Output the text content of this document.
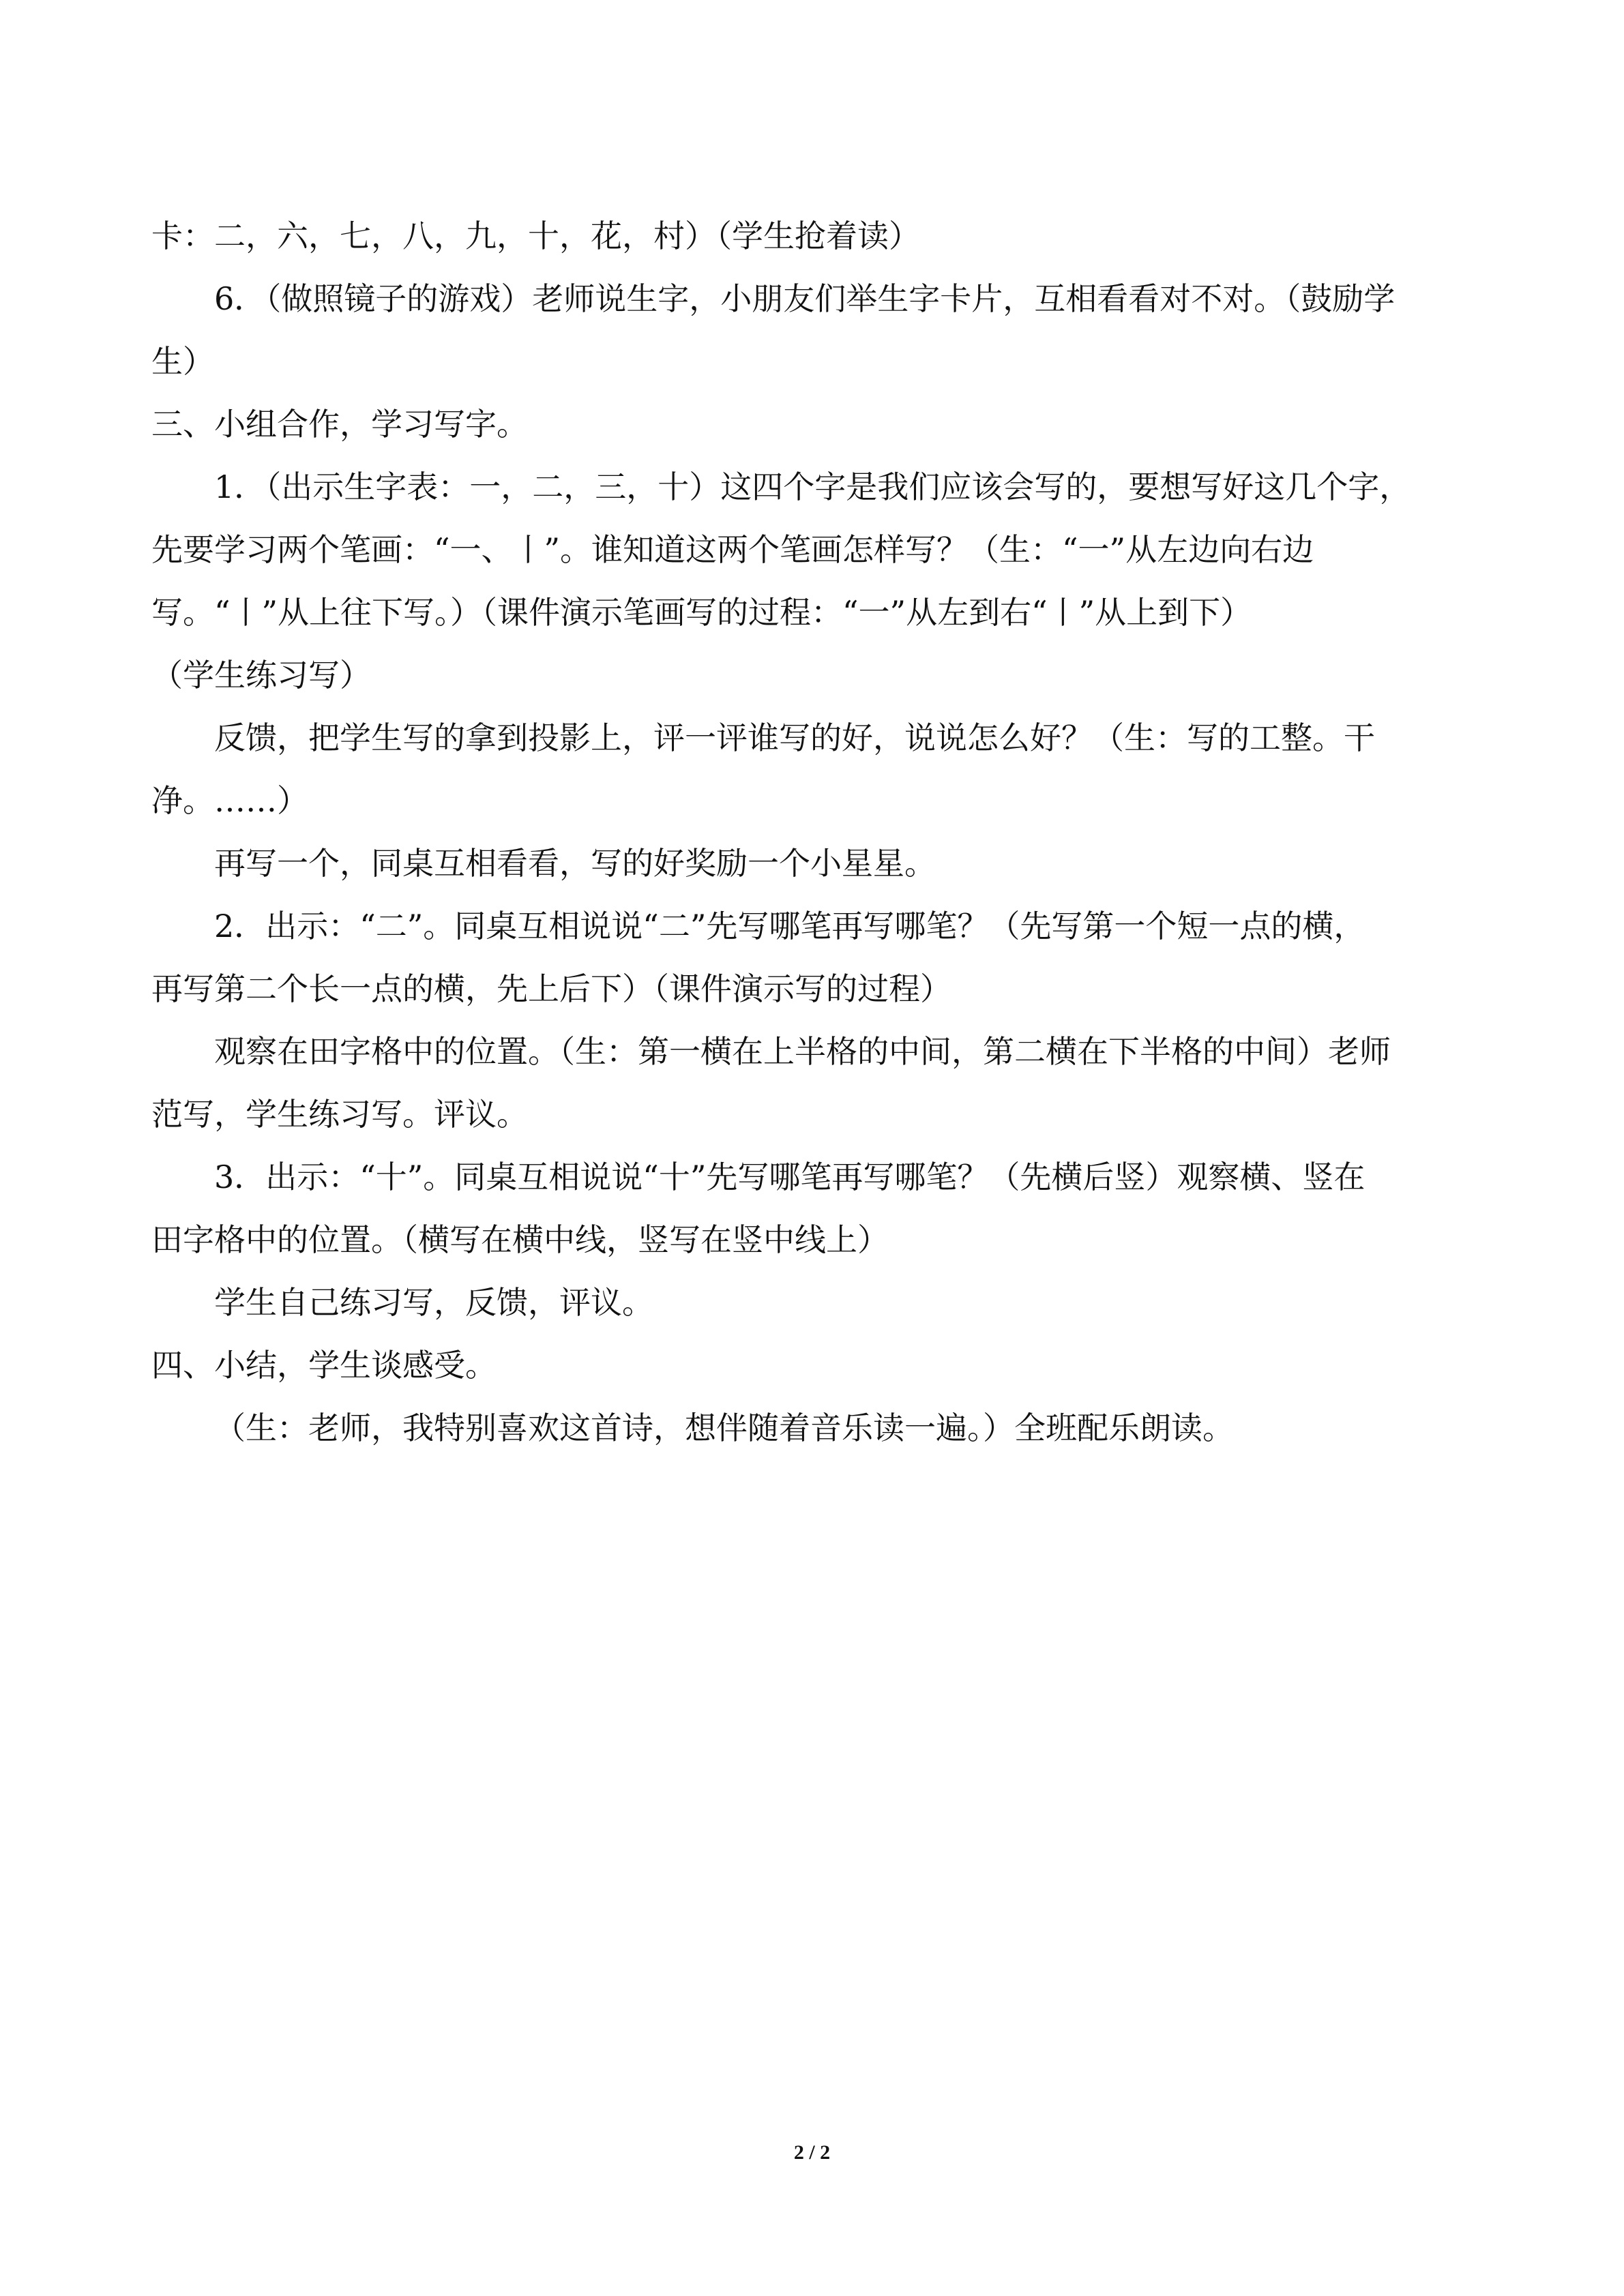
卡：二，六，七，八，九，十，花，村）（学生抢着读）

6．（做照镜子的游戏）老师说生字，小朋友们举生字卡片，互相看看对不对。（鼓励学

生）

三、小组合作，学习写字。

1．（出示生字表：一，二，三，十）这四个字是我们应该会写的，要想写好这几个字，

先要学习两个笔画：“一、丨”。谁知道这两个笔画怎样写？（生：“一”从左边向右边

写。“丨”从上往下写。）（课件演示笔画写的过程：“一”从左到右“丨”从上到下）

（学生练习写）

反馈，把学生写的拿到投影上，评一评谁写的好，说说怎么好？（生：写的工整。干

净。……）

再写一个，同桌互相看看，写的好奖励一个小星星。

2．出示：“二”。同桌互相说说“二”先写哪笔再写哪笔？（先写第一个短一点的横，

再写第二个长一点的横，先上后下）（课件演示写的过程）

观察在田字格中的位置。（生：第一横在上半格的中间，第二横在下半格的中间）老师

范写，学生练习写。评议。

3．出示：“十”。同桌互相说说“十”先写哪笔再写哪笔？（先横后竖）观察横、竖在

田字格中的位置。（横写在横中线，竖写在竖中线上）

学生自己练习写，反馈，评议。

四、小结，学生谈感受。

（生：老师，我特别喜欢这首诗，想伴随着音乐读一遍。）全班配乐朗读。

2 / 2
